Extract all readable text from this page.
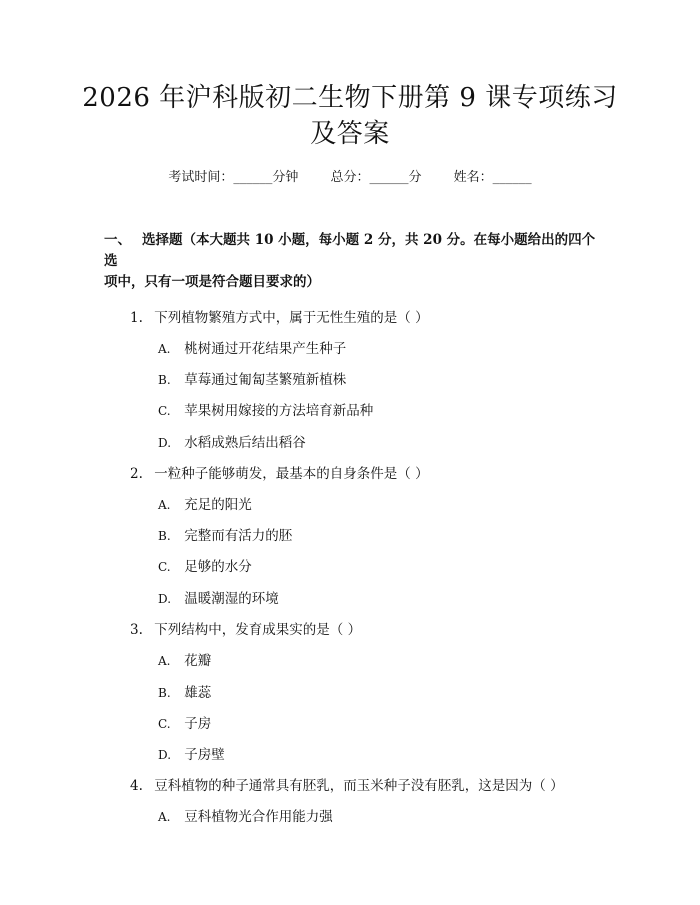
2026 年沪科版初二生物下册第 9 课专项练习
及答案
考试时间：______分钟 总分：______分 姓名：______
一、 选择题（本大题共 10 小题，每小题 2 分，共 20 分。在每小题给出的四个选
项中，只有一项是符合题目要求的）
1. 下列植物繁殖方式中，属于无性生殖的是（ ）
A. 桃树通过开花结果产生种子
B. 草莓通过匍匐茎繁殖新植株
C. 苹果树用嫁接的方法培育新品种
D. 水稻成熟后结出稻谷
2. 一粒种子能够萌发，最基本的自身条件是（ ）
A. 充足的阳光
B. 完整而有活力的胚
C. 足够的水分
D. 温暖潮湿的环境
3. 下列结构中，发育成果实的是（ ）
A. 花瓣
B. 雄蕊
C. 子房
D. 子房壁
4. 豆科植物的种子通常具有胚乳，而玉米种子没有胚乳，这是因为（ ）
A. 豆科植物光合作用能力强
